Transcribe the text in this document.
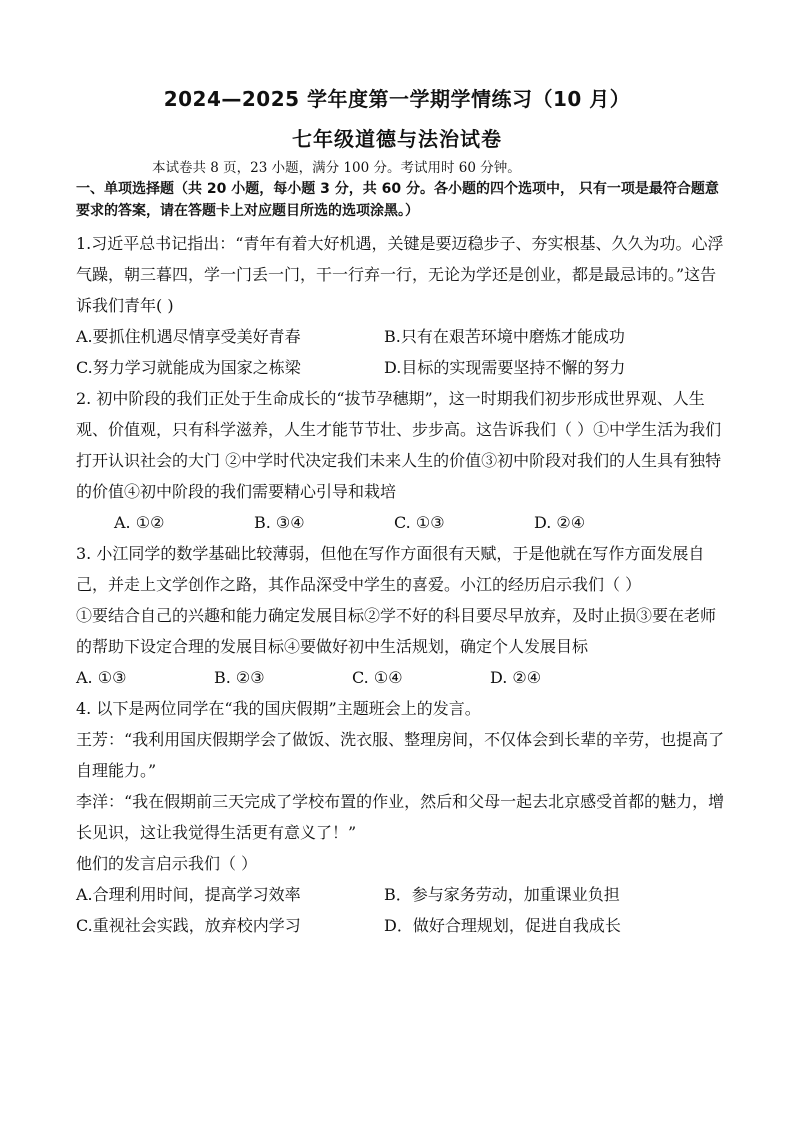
2024—2025 学年度第一学期学情练习（10 月）
七年级道德与法治试卷
本试卷共 8 页，23 小题，满分 100 分。考试用时 60 分钟。
一、单项选择题（共 20 小题，每小题 3 分，共 60 分。各小题的四个选项中， 只有一项是最符合题意要求的答案，请在答题卡上对应题目所选的选项涂黑。）

1.习近平总书记指出：“青年有着大好机遇，关键是要迈稳步子、夯实根基、久久为功。心浮气躁，朝三暮四，学一门丢一门，干一行弃一行，无论为学还是创业，都是最忌讳的。”这告诉我们青年( )

A.要抓住机遇尽情享受美好青春	B.只有在艰苦环境中磨炼才能成功
C.努力学习就能成为国家之栋梁	D.目标的实现需要坚持不懈的努力

2. 初中阶段的我们正处于生命成长的“拔节孕穗期”，这一时期我们初步形成世界观、人生观、价值观，只有科学滋养，人生才能节节壮、步步高。这告诉我们（ ）①中学生活为我们打开认识社会的大门 ②中学时代决定我们未来人生的价值③初中阶段对我们的人生具有独特的价值④初中阶段的我们需要精心引导和栽培

A. ①②	B. ③④	C. ①③	D. ②④

3. 小江同学的数学基础比较薄弱，但他在写作方面很有天赋，于是他就在写作方面发展自己，并走上文学创作之路，其作品深受中学生的喜爱。小江的经历启示我们（ ）

①要结合自己的兴趣和能力确定发展目标②学不好的科目要尽早放弃，及时止损③要在老师的帮助下设定合理的发展目标④要做好初中生活规划，确定个人发展目标

A. ①③	B. ②③	C. ①④	D. ②④

4. 以下是两位同学在“我的国庆假期”主题班会上的发言。

王芳：“我利用国庆假期学会了做饭、洗衣服、整理房间，不仅体会到长辈的辛劳，也提高了自理能力。”

李洋：“我在假期前三天完成了学校布置的作业，然后和父母一起去北京感受首都的魅力，增长见识，这让我觉得生活更有意义了！”

他们的发言启示我们（ ）

A.合理利用时间，提高学习效率	B．参与家务劳动，加重课业负担
C.重视社会实践，放弃校内学习	D．做好合理规划，促进自我成长
